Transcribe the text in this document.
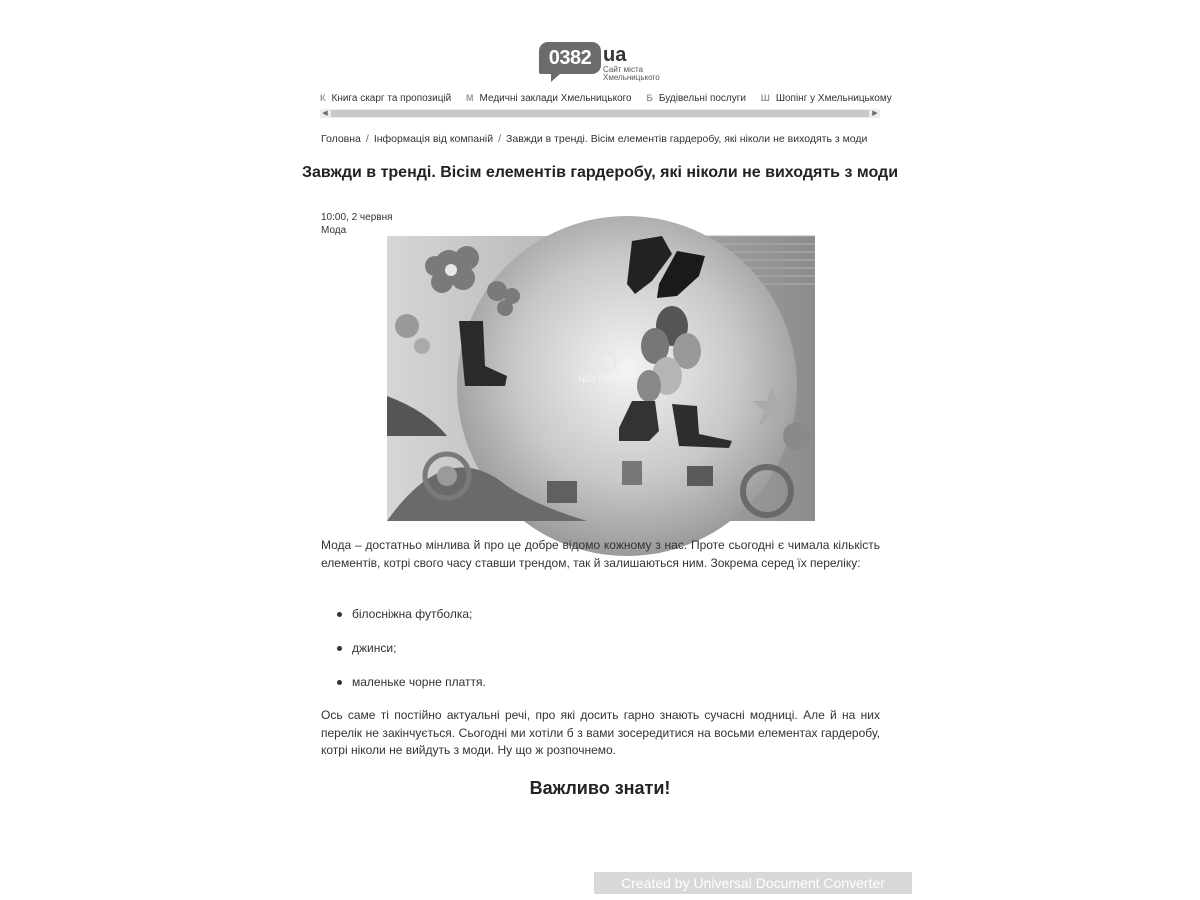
0382 ua
Сайт міста
Хмельницького
К Книга скарг та пропозицій М Медичні заклади Хмельницького Б Будівельні послуги Ш Шопінг у Хмельницькому
◀	▶
Головна / Інформація від компаній / Завжди в тренді. Вісім елементів гардеробу, які ніколи не виходять з моди
Завжди в тренді. Вісім елементів гардеробу, які ніколи не виходять з моди
10:00, 2 червня
Мода
NEXT SHOES

Мода – достатньо мінлива й про це добре відомо кожному з нас. Проте сьогодні є чимала кількість елементів, котрі свого часу ставши трендом, так й залишаються ним. Зокрема серед їх переліку:

білосніжна футболка;
джинси;
маленьке чорне плаття.

Ось саме ті постійно актуальні речі, про які досить гарно знають сучасні модниці. Але й на них перелік не закінчується. Сьогодні ми хотіли б з вами зосередитися на восьми елементах гардеробу, котрі ніколи не вийдуть з моди. Ну що ж розпочнемо.

Важливо знати!
Created by Universal Document Converter
